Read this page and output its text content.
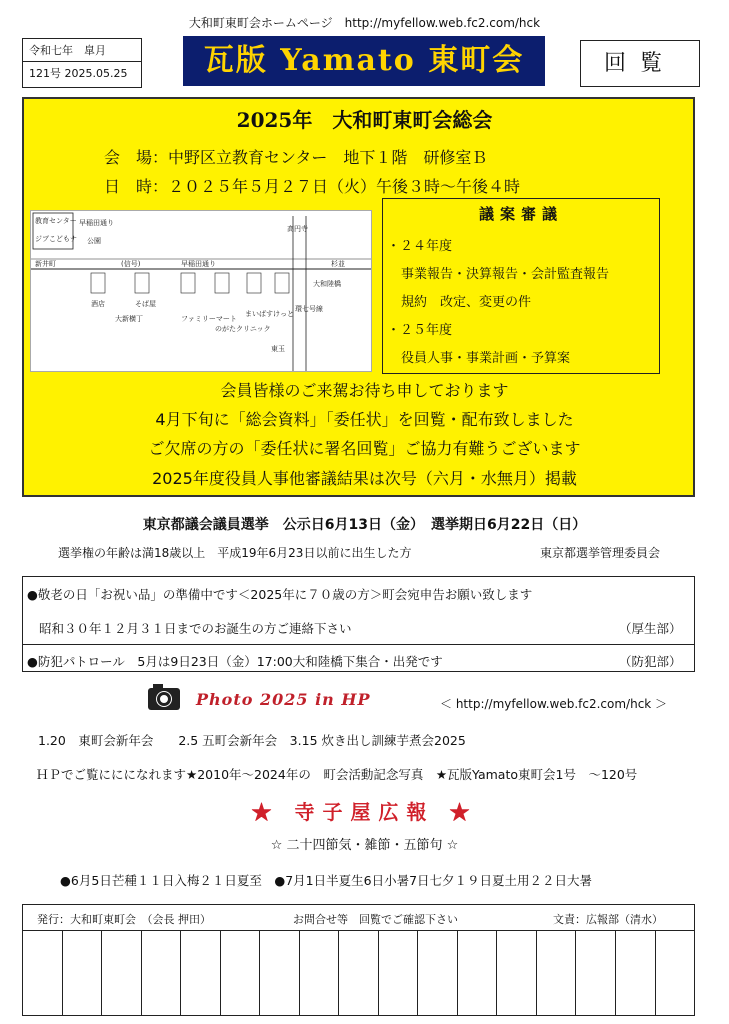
大和町東町会ホームページ　http://myfellow.web.fc2.com/hck
令和七年　皐月
121号 2025.05.25	瓦版 Yamato 東町会	回覧
2025年　大和町東町会総会
会　場：中野区立教育センター　地下１階　研修室Ｂ
日　時：２０２５年５月２７日（火）午後３時～午後４時
新井町	(信号)	早稲田通り
高円寺
環七号線
杉並
大和陸橋
教育センター 早稲田通り
公園
酒店
大新横丁
そば屋
ファミリーマート
のがたクリニック
まいばすけっと
東玉
ジブこどもナ
議案審議
・２４年度
事業報告・決算報告・会計監査報告
規約　改定、変更の件
・２５年度
役員人事・事業計画・予算案
会員皆様のご来駕お待ち申しております
4月下旬に「総会資料」「委任状」を回覧・配布致しました
ご欠席の方の「委任状に署名回覧」ご協力有難うございます
2025年度役員人事他審議結果は次号（六月・水無月）掲載
東京都議会議員選挙　公示日6月13日（金）　選挙期日6月22日（日）
選挙権の年齢は満18歳以上　平成19年6月23日以前に出生した方	東京都選挙管理委員会
●敬老の日「お祝い品」の準備中です＜2025年に７０歳の方＞町会宛申告お願い致します
昭和３０年１２月３１日までのお誕生の方ご連絡下さい	（厚生部）
●防犯パトロール　5月は9日23日（金）17:00大和陸橋下集合・出発です	（防犯部）
Photo 2025 in HP	＜ http://myfellow.web.fc2.com/hck ＞
1.20　東町会新年会　　2.5 五町会新年会　3.15 炊き出し訓練芋煮会2025
ＨＰでご覧ににになれます★2010年～2024年の　町会活動記念写真　★瓦版Yamato東町会1号　～120号
★ 寺子屋広報 ★
☆ 二十四節気・雑節・五節句 ☆
●6月5日芒種１１日入梅２１日夏至　●7月1日半夏生6日小暑7日七夕１９日夏土用２２日大暑
発行：大和町東町会　（会長 押田）	お問合せ等　回覧でご確認下さい	文責：広報部（清水）
